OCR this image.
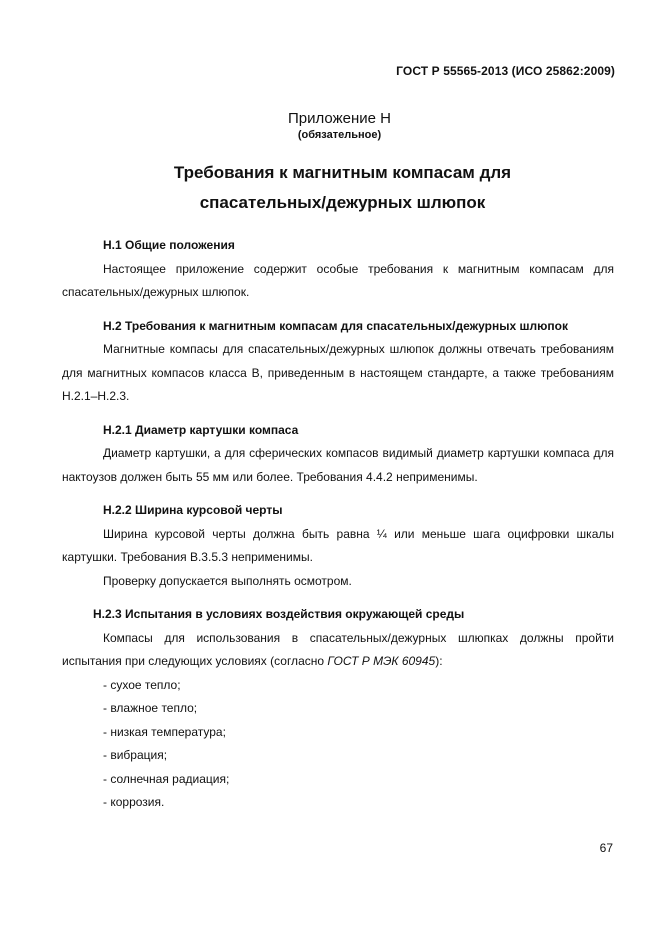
ГОСТ Р 55565-2013 (ИСО 25862:2009)
Приложение Н
(обязательное)
Требования к магнитным компасам для
спасательных/дежурных шлюпок
Н.1 Общие положения
Настоящее приложение содержит особые требования к магнитным компасам для спасательных/дежурных шлюпок.
Н.2 Требования к магнитным компасам для спасательных/дежурных шлюпок
Магнитные компасы для спасательных/дежурных шлюпок должны отвечать требованиям для магнитных компасов класса В, приведенным в настоящем стандарте, а также требованиям Н.2.1–Н.2.3.
Н.2.1 Диаметр картушки компаса
Диаметр картушки, а для сферических компасов видимый диаметр картушки компаса для нактоузов должен быть 55 мм или более. Требования 4.4.2 неприменимы.
Н.2.2 Ширина курсовой черты
Ширина курсовой черты должна быть равна ¼ или меньше шага оцифровки шкалы картушки. Требования В.3.5.3 неприменимы.
Проверку допускается выполнять осмотром.
Н.2.3 Испытания в условиях воздействия окружающей среды
Компасы для использования в спасательных/дежурных шлюпках должны пройти испытания при следующих условиях (согласно ГОСТ Р МЭК 60945):
- сухое тепло;
- влажное тепло;
- низкая температура;
- вибрация;
- солнечная радиация;
- коррозия.
67
